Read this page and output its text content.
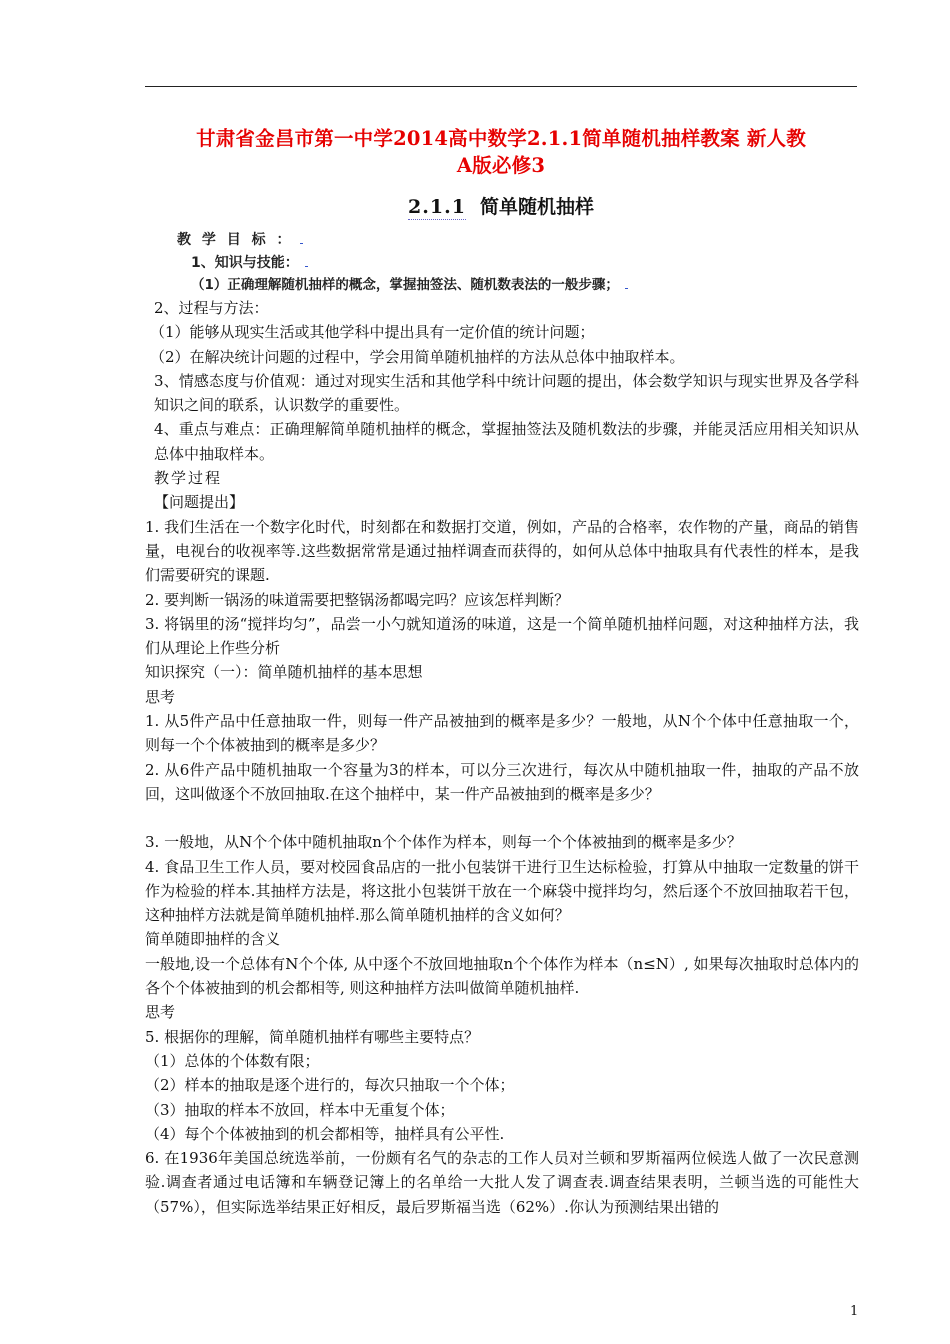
甘肃省金昌市第一中学2014高中数学2.1.1简单随机抽样教案 新人教
A版必修3
2.1.1 简单随机抽样
教 学 目 标 ：
1、知识与技能：
（1）正确理解随机抽样的概念，掌握抽签法、随机数表法的一般步骤；

2、过程与方法：

（1）能够从现实生活或其他学科中提出具有一定价值的统计问题；

（2）在解决统计问题的过程中，学会用简单随机抽样的方法从总体中抽取样本。

3、情感态度与价值观：通过对现实生活和其他学科中统计问题的提出，体会数学知识与现实世界及各学科知识之间的联系，认识数学的重要性。

4、重点与难点：正确理解简单随机抽样的概念，掌握抽签法及随机数法的步骤，并能灵活应用相关知识从总体中抽取样本。

教学过程

【问题提出】

1. 我们生活在一个数字化时代，时刻都在和数据打交道，例如，产品的合格率，农作物的产量，商品的销售量，电视台的收视率等.这些数据常常是通过抽样调查而获得的，如何从总体中抽取具有代表性的样本，是我们需要研究的课题.

2. 要判断一锅汤的味道需要把整锅汤都喝完吗？应该怎样判断？

3. 将锅里的汤“搅拌均匀”，品尝一小勺就知道汤的味道，这是一个简单随机抽样问题，对这种抽样方法，我们从理论上作些分析

知识探究（一）：简单随机抽样的基本思想

思考

1. 从5件产品中任意抽取一件，则每一件产品被抽到的概率是多少？一般地，从N个个体中任意抽取一个，则每一个个体被抽到的概率是多少？

2. 从6件产品中随机抽取一个容量为3的样本，可以分三次进行，每次从中随机抽取一件，抽取的产品不放回，这叫做逐个不放回抽取.在这个抽样中，某一件产品被抽到的概率是多少？

3. 一般地，从N个个体中随机抽取n个个体作为样本，则每一个个体被抽到的概率是多少？

4. 食品卫生工作人员，要对校园食品店的一批小包装饼干进行卫生达标检验，打算从中抽取一定数量的饼干作为检验的样本.其抽样方法是，将这批小包装饼干放在一个麻袋中搅拌均匀，然后逐个不放回抽取若干包，这种抽样方法就是简单随机抽样.那么简单随机抽样的含义如何？

简单随即抽样的含义

一般地,设一个总体有N个个体, 从中逐个不放回地抽取n个个体作为样本（n≤N）, 如果每次抽取时总体内的各个个体被抽到的机会都相等, 则这种抽样方法叫做简单随机抽样.

思考

5. 根据你的理解，简单随机抽样有哪些主要特点？

（1）总体的个体数有限；

（2）样本的抽取是逐个进行的，每次只抽取一个个体；

（3）抽取的样本不放回，样本中无重复个体；

（4）每个个体被抽到的机会都相等，抽样具有公平性.

6. 在1936年美国总统选举前，一份颇有名气的杂志的工作人员对兰顿和罗斯福两位候选人做了一次民意测验.调查者通过电话簿和车辆登记簿上的名单给一大批人发了调查表.调查结果表明，兰顿当选的可能性大（57%），但实际选举结果正好相反，最后罗斯福当选（62%）.你认为预测结果出错的

1
